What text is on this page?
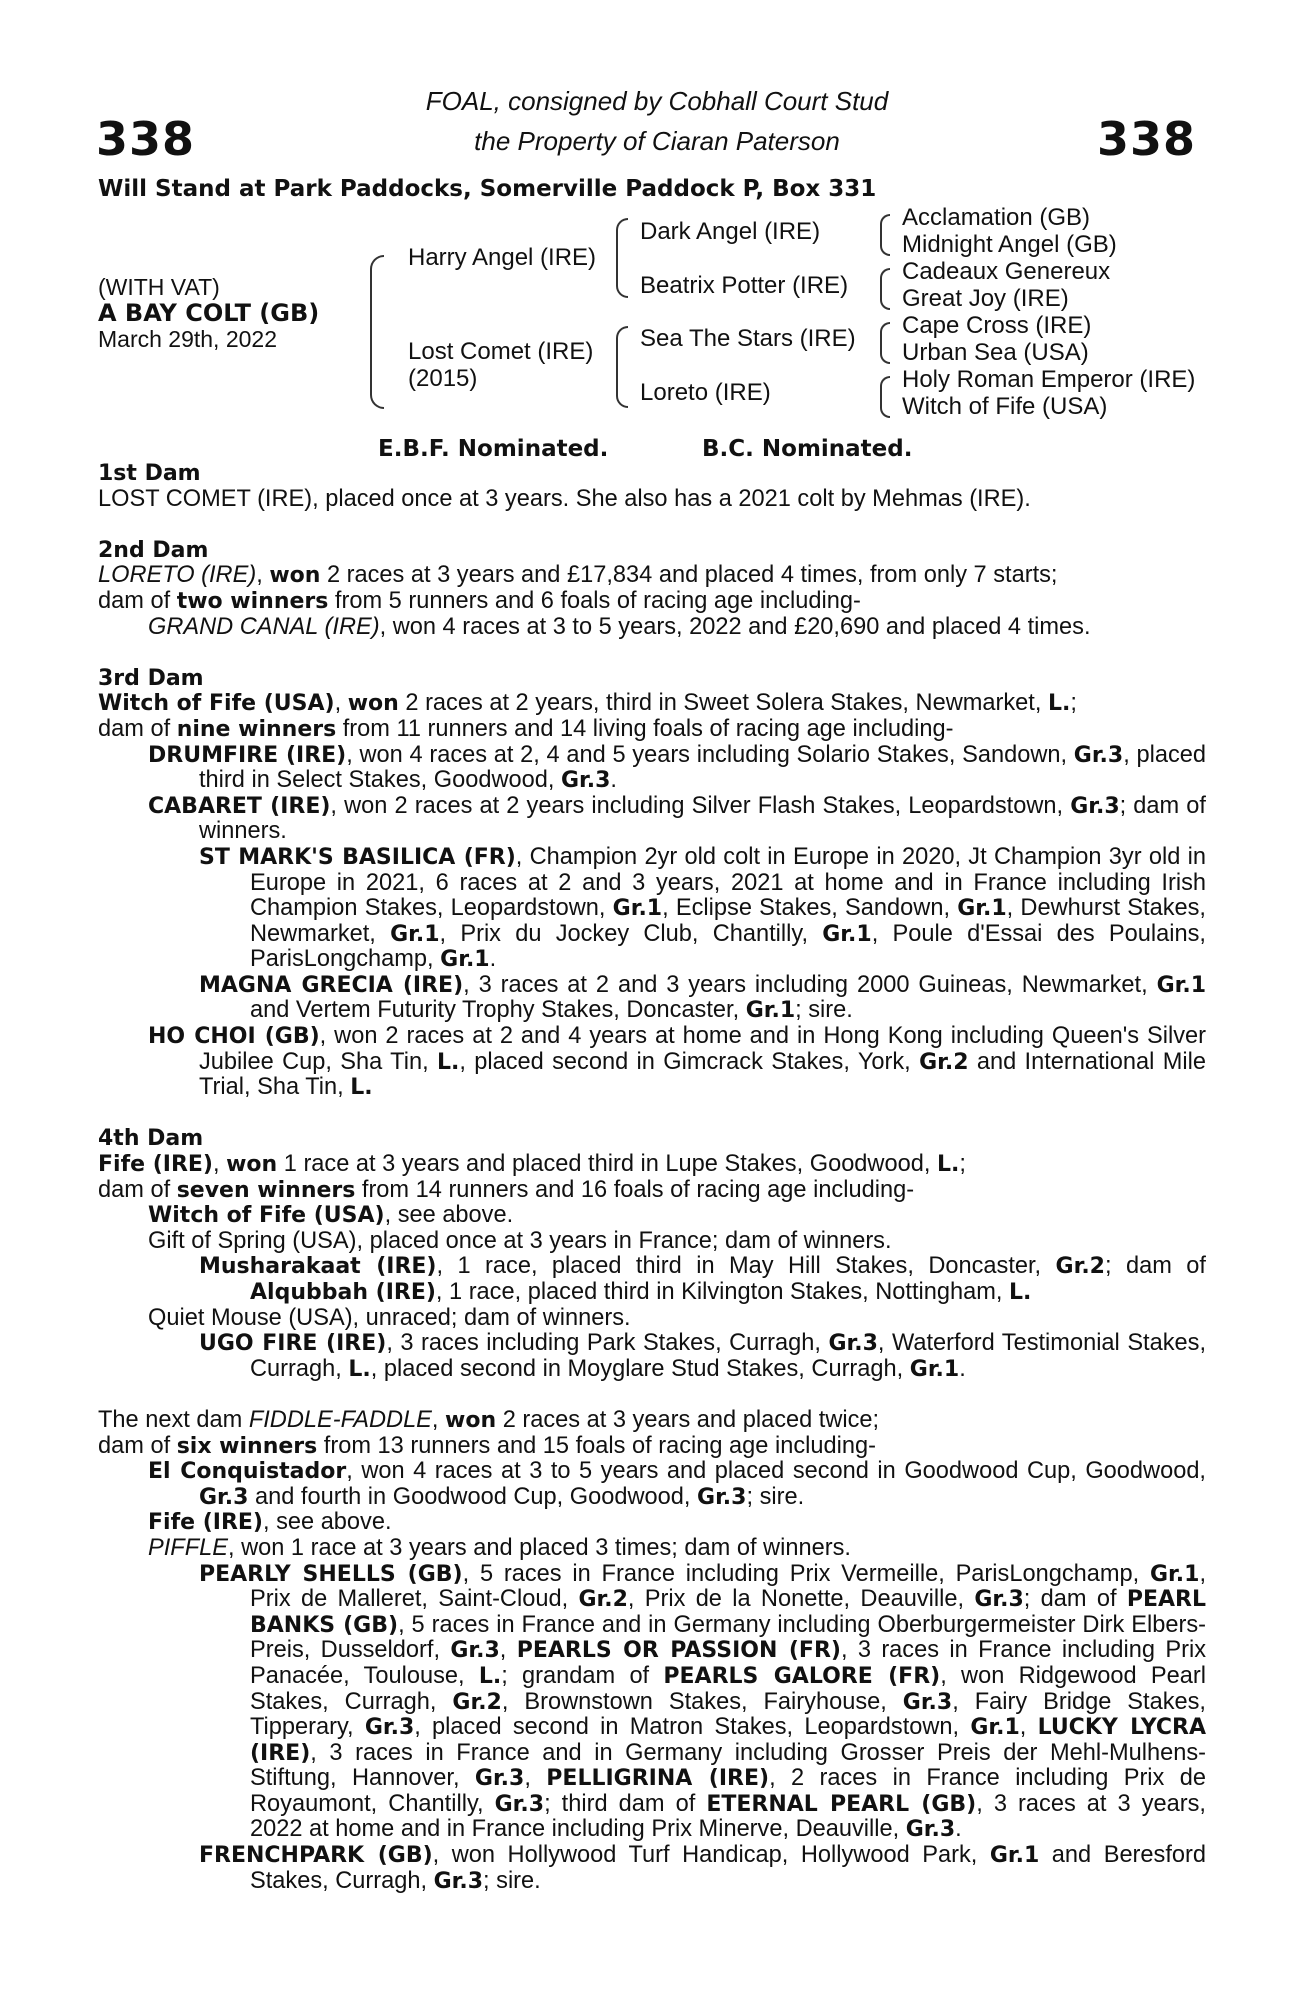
338	338
FOAL, consigned by Cobhall Court Stud
the Property of Ciaran Paterson
Will Stand at Park Paddocks, Somerville Paddock P, Box 331
(WITH VAT)
A BAY COLT (GB)
March 29th, 2022
Harry Angel (IRE)
Lost Comet (IRE)
(2015)
Dark Angel (IRE)
Beatrix Potter (IRE)
Sea The Stars (IRE)
Loreto (IRE)
Acclamation (GB)
Midnight Angel (GB)
Cadeaux Genereux
Great Joy (IRE)
Cape Cross (IRE)
Urban Sea (USA)
Holy Roman Emperor (IRE)
Witch of Fife (USA)
E.B.F. Nominated.	B.C. Nominated.

1st Dam

LOST COMET (IRE), placed once at 3 years. She also has a 2021 colt by Mehmas (IRE).

2nd Dam

LORETO (IRE), won 2 races at 3 years and £17,834 and placed 4 times, from only 7 starts;

dam of two winners from 5 runners and 6 foals of racing age including-

GRAND CANAL (IRE), won 4 races at 3 to 5 years, 2022 and £20,690 and placed 4 times.

3rd Dam

Witch of Fife (USA), won 2 races at 2 years, third in Sweet Solera Stakes, Newmarket, L.;

dam of nine winners from 11 runners and 14 living foals of racing age including-

DRUMFIRE (IRE), won 4 races at 2, 4 and 5 years including Solario Stakes, Sandown, Gr.3, placed third in Select Stakes, Goodwood, Gr.3.

CABARET (IRE), won 2 races at 2 years including Silver Flash Stakes, Leopardstown, Gr.3; dam of winners.

ST MARK'S BASILICA (FR), Champion 2yr old colt in Europe in 2020, Jt Champion 3yr old in Europe in 2021, 6 races at 2 and 3 years, 2021 at home and in France including Irish Champion Stakes, Leopardstown, Gr.1, Eclipse Stakes, Sandown, Gr.1, Dewhurst Stakes, Newmarket, Gr.1, Prix du Jockey Club, Chantilly, Gr.1, Poule d'Essai des Poulains, ParisLongchamp, Gr.1.

MAGNA GRECIA (IRE), 3 races at 2 and 3 years including 2000 Guineas, Newmarket, Gr.1 and Vertem Futurity Trophy Stakes, Doncaster, Gr.1; sire.

HO CHOI (GB), won 2 races at 2 and 4 years at home and in Hong Kong including Queen's Silver Jubilee Cup, Sha Tin, L., placed second in Gimcrack Stakes, York, Gr.2 and International Mile Trial, Sha Tin, L.

4th Dam

Fife (IRE), won 1 race at 3 years and placed third in Lupe Stakes, Goodwood, L.;

dam of seven winners from 14 runners and 16 foals of racing age including-

Witch of Fife (USA), see above.

Gift of Spring (USA), placed once at 3 years in France; dam of winners.

Musharakaat (IRE), 1 race, placed third in May Hill Stakes, Doncaster, Gr.2; dam of Alqubbah (IRE), 1 race, placed third in Kilvington Stakes, Nottingham, L.

Quiet Mouse (USA), unraced; dam of winners.

UGO FIRE (IRE), 3 races including Park Stakes, Curragh, Gr.3, Waterford Testimonial Stakes, Curragh, L., placed second in Moyglare Stud Stakes, Curragh, Gr.1.

The next dam FIDDLE-FADDLE, won 2 races at 3 years and placed twice;

dam of six winners from 13 runners and 15 foals of racing age including-

El Conquistador, won 4 races at 3 to 5 years and placed second in Goodwood Cup, Goodwood, Gr.3 and fourth in Goodwood Cup, Goodwood, Gr.3; sire.

Fife (IRE), see above.

PIFFLE, won 1 race at 3 years and placed 3 times; dam of winners.

PEARLY SHELLS (GB), 5 races in France including Prix Vermeille, ParisLongchamp, Gr.1, Prix de Malleret, Saint-Cloud, Gr.2, Prix de la Nonette, Deauville, Gr.3; dam of PEARL BANKS (GB), 5 races in France and in Germany including Oberburgermeister Dirk Elbers-Preis, Dusseldorf, Gr.3, PEARLS OR PASSION (FR), 3 races in France including Prix Panacée, Toulouse, L.; grandam of PEARLS GALORE (FR), won Ridgewood Pearl Stakes, Curragh, Gr.2, Brownstown Stakes, Fairyhouse, Gr.3, Fairy Bridge Stakes, Tipperary, Gr.3, placed second in Matron Stakes, Leopardstown, Gr.1, LUCKY LYCRA (IRE), 3 races in France and in Germany including Grosser Preis der Mehl-Mulhens-Stiftung, Hannover, Gr.3, PELLIGRINA (IRE), 2 races in France including Prix de Royaumont, Chantilly, Gr.3; third dam of ETERNAL PEARL (GB), 3 races at 3 years, 2022 at home and in France including Prix Minerve, Deauville, Gr.3.

FRENCHPARK (GB), won Hollywood Turf Handicap, Hollywood Park, Gr.1 and Beresford Stakes, Curragh, Gr.3; sire.
